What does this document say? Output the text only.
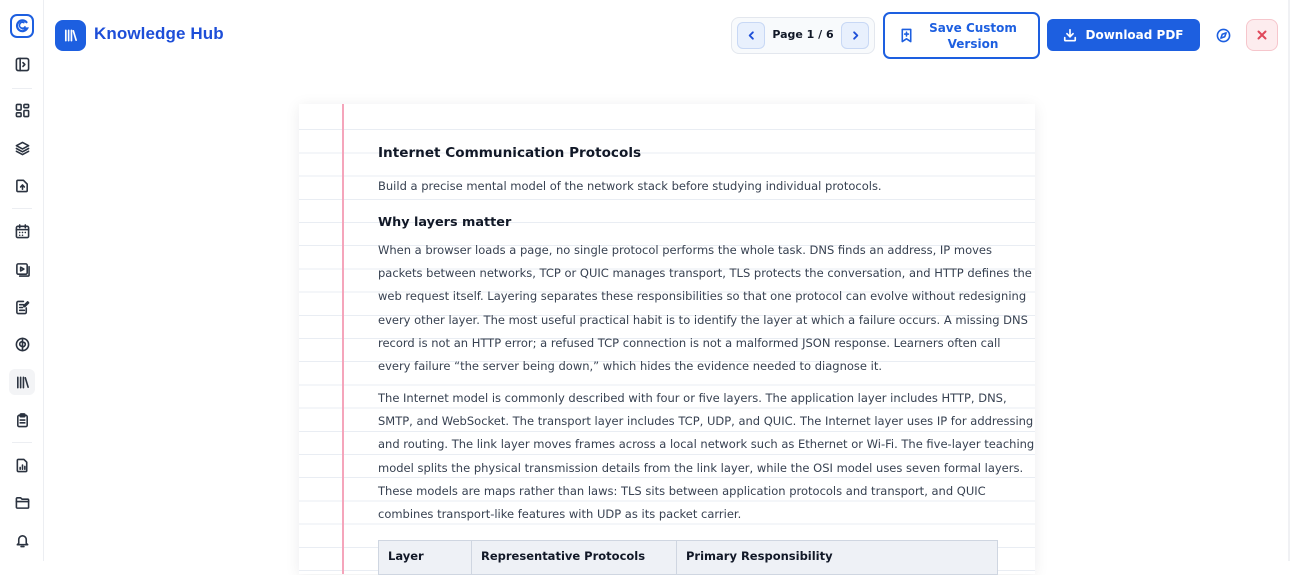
Knowledge Hub	Page 1 / 6	Save Custom Version
Download PDF
Internet Communication Protocols
Build a precise mental model of the network stack before studying individual protocols.
Why layers matter
When a browser loads a page, no single protocol performs the whole task. DNS finds an address, IP moves
packets between networks, TCP or QUIC manages transport, TLS protects the conversation, and HTTP defines the
web request itself. Layering separates these responsibilities so that one protocol can evolve without redesigning
every other layer. The most useful practical habit is to identify the layer at which a failure occurs. A missing DNS
record is not an HTTP error; a refused TCP connection is not a malformed JSON response. Learners often call
every failure “the server being down,” which hides the evidence needed to diagnose it.
The Internet model is commonly described with four or five layers. The application layer includes HTTP, DNS,
SMTP, and WebSocket. The transport layer includes TCP, UDP, and QUIC. The Internet layer uses IP for addressing
and routing. The link layer moves frames across a local network such as Ethernet or Wi-Fi. The five-layer teaching
model splits the physical transmission details from the link layer, while the OSI model uses seven formal layers.
These models are maps rather than laws: TLS sits between application protocols and transport, and QUIC
combines transport-like features with UDP as its packet carrier.
Layer	Representative Protocols	Primary Responsibility
